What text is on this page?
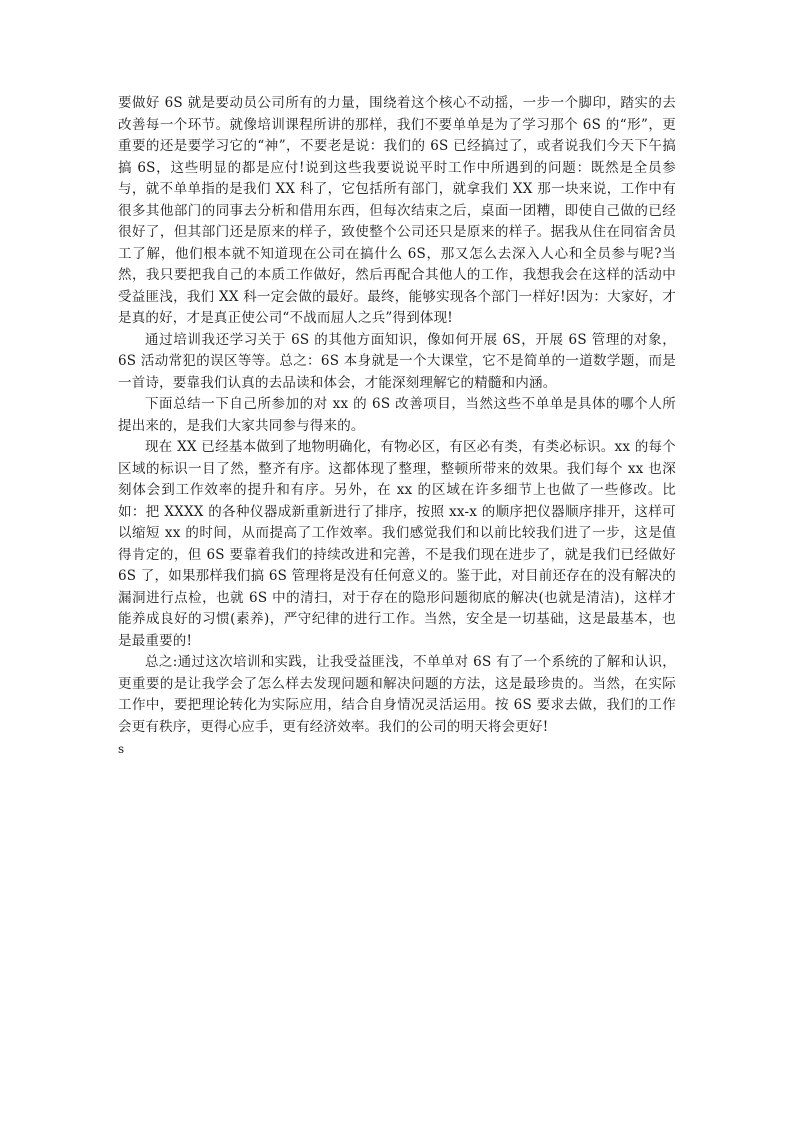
要做好 6S 就是要动员公司所有的力量，围绕着这个核心不动摇，一步一个脚印，踏实的去改善每一个环节。就像培训课程所讲的那样，我们不要单单是为了学习那个 6S 的“形”，更重要的还是要学习它的“神”，不要老是说：我们的 6S 已经搞过了，或者说我们今天下午搞搞 6S，这些明显的都是应付!说到这些我要说说平时工作中所遇到的问题：既然是全员参与，就不单单指的是我们 XX 科了，它包括所有部门，就拿我们 XX 那一块来说，工作中有很多其他部门的同事去分析和借用东西，但每次结束之后，桌面一团糟，即使自己做的已经很好了，但其部门还是原来的样子，致使整个公司还只是原来的样子。据我从住在同宿舍员工了解，他们根本就不知道现在公司在搞什么 6S，那又怎么去深入人心和全员参与呢?当然，我只要把我自己的本质工作做好，然后再配合其他人的工作，我想我会在这样的活动中受益匪浅，我们 XX 科一定会做的最好。最终，能够实现各个部门一样好!因为：大家好，才是真的好，才是真正使公司“不战而屈人之兵”得到体现!

通过培训我还学习关于 6S 的其他方面知识，像如何开展 6S，开展 6S 管理的对象，6S 活动常犯的误区等等。总之：6S 本身就是一个大课堂，它不是简单的一道数学题，而是一首诗，要靠我们认真的去品读和体会，才能深刻理解它的精髓和内涵。

下面总结一下自己所参加的对 xx 的 6S 改善项目，当然这些不单单是具体的哪个人所提出来的，是我们大家共同参与得来的。

现在 XX 已经基本做到了地物明确化，有物必区，有区必有类，有类必标识。xx 的每个区域的标识一目了然，整齐有序。这都体现了整理，整顿所带来的效果。我们每个 xx 也深刻体会到工作效率的提升和有序。另外，在 xx 的区域在许多细节上也做了一些修改。比如：把 XXXX 的各种仪器成新重新进行了排序，按照 xx-x 的顺序把仪器顺序排开，这样可以缩短 xx 的时间，从而提高了工作效率。我们感觉我们和以前比较我们进了一步，这是值得肯定的，但 6S 要靠着我们的持续改进和完善，不是我们现在进步了，就是我们已经做好 6S 了，如果那样我们搞 6S 管理将是没有任何意义的。鉴于此，对目前还存在的没有解决的漏洞进行点检，也就 6S 中的清扫，对于存在的隐形问题彻底的解决(也就是清洁)，这样才能养成良好的习惯(素养)，严守纪律的进行工作。当然，安全是一切基础，这是最基本，也是最重要的!

总之:通过这次培训和实践，让我受益匪浅，不单单对 6S 有了一个系统的了解和认识，更重要的是让我学会了怎么样去发现问题和解决问题的方法，这是最珍贵的。当然，在实际工作中，要把理论转化为实际应用，结合自身情况灵活运用。按 6S 要求去做，我们的工作会更有秩序，更得心应手，更有经济效率。我们的公司的明天将会更好!

s
